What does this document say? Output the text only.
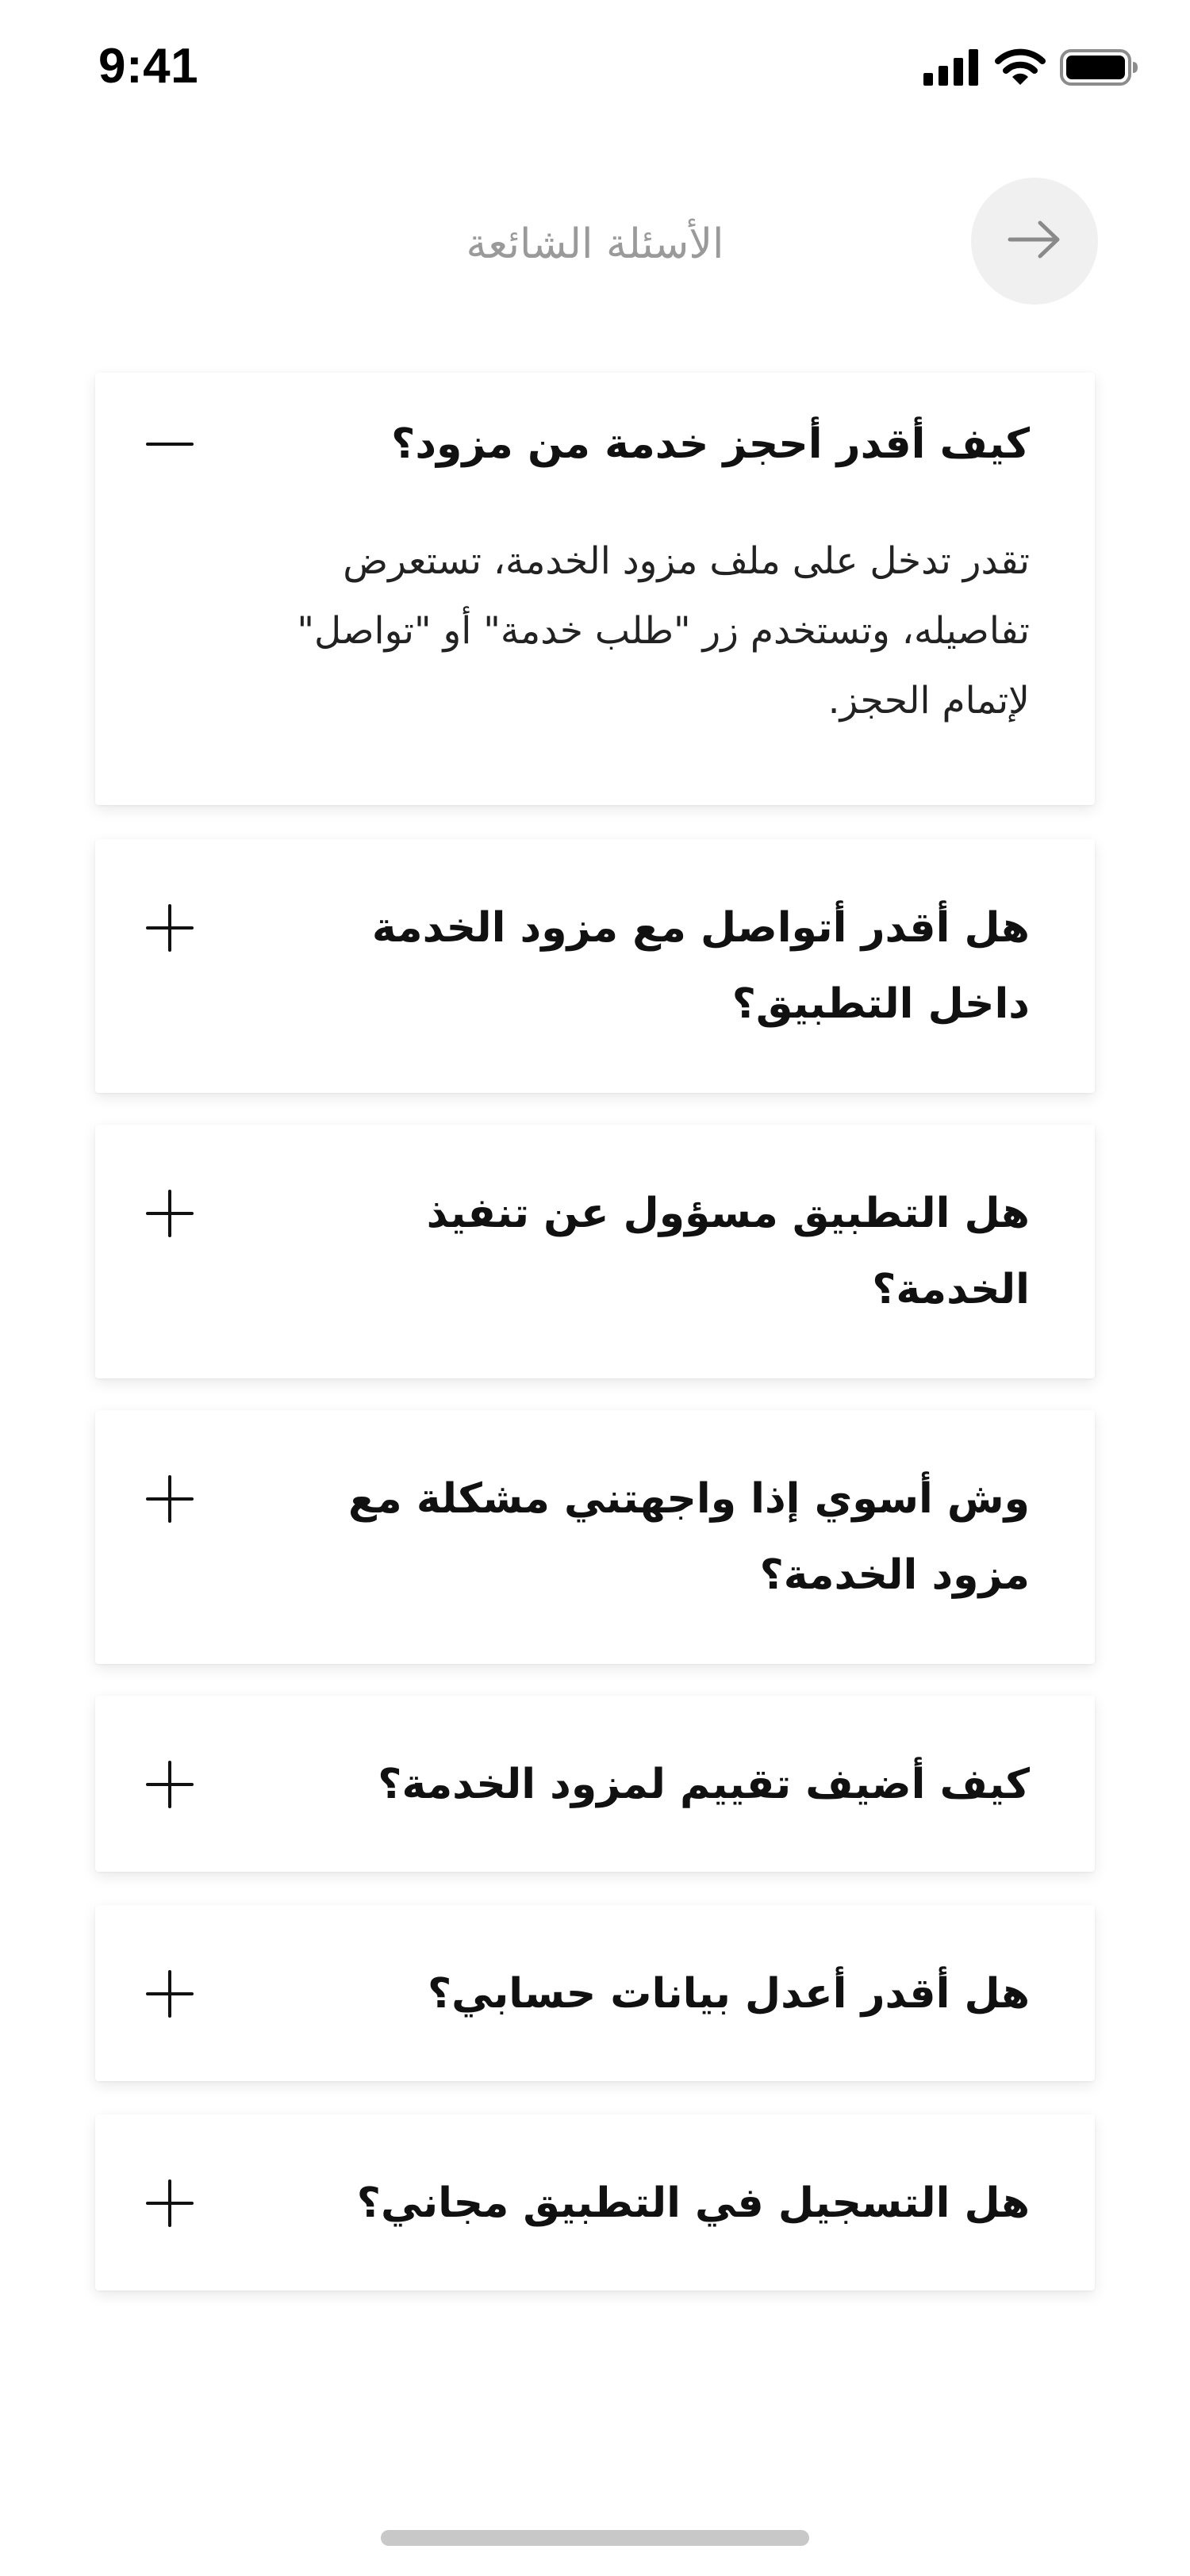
9:41
الأسئلة الشائعة
كيف أقدر أحجز خدمة من مزود؟
تقدر تدخل على ملف مزود الخدمة، تستعرض تفاصيله، وتستخدم زر "طلب خدمة" أو "تواصل" لإتمام الحجز.
هل أقدر أتواصل مع مزود الخدمة داخل التطبيق؟
هل التطبيق مسؤول عن تنفيذ الخدمة؟
وش أسوي إذا واجهتني مشكلة مع مزود الخدمة؟
كيف أضيف تقييم لمزود الخدمة؟
هل أقدر أعدل بيانات حسابي؟
هل التسجيل في التطبيق مجاني؟
